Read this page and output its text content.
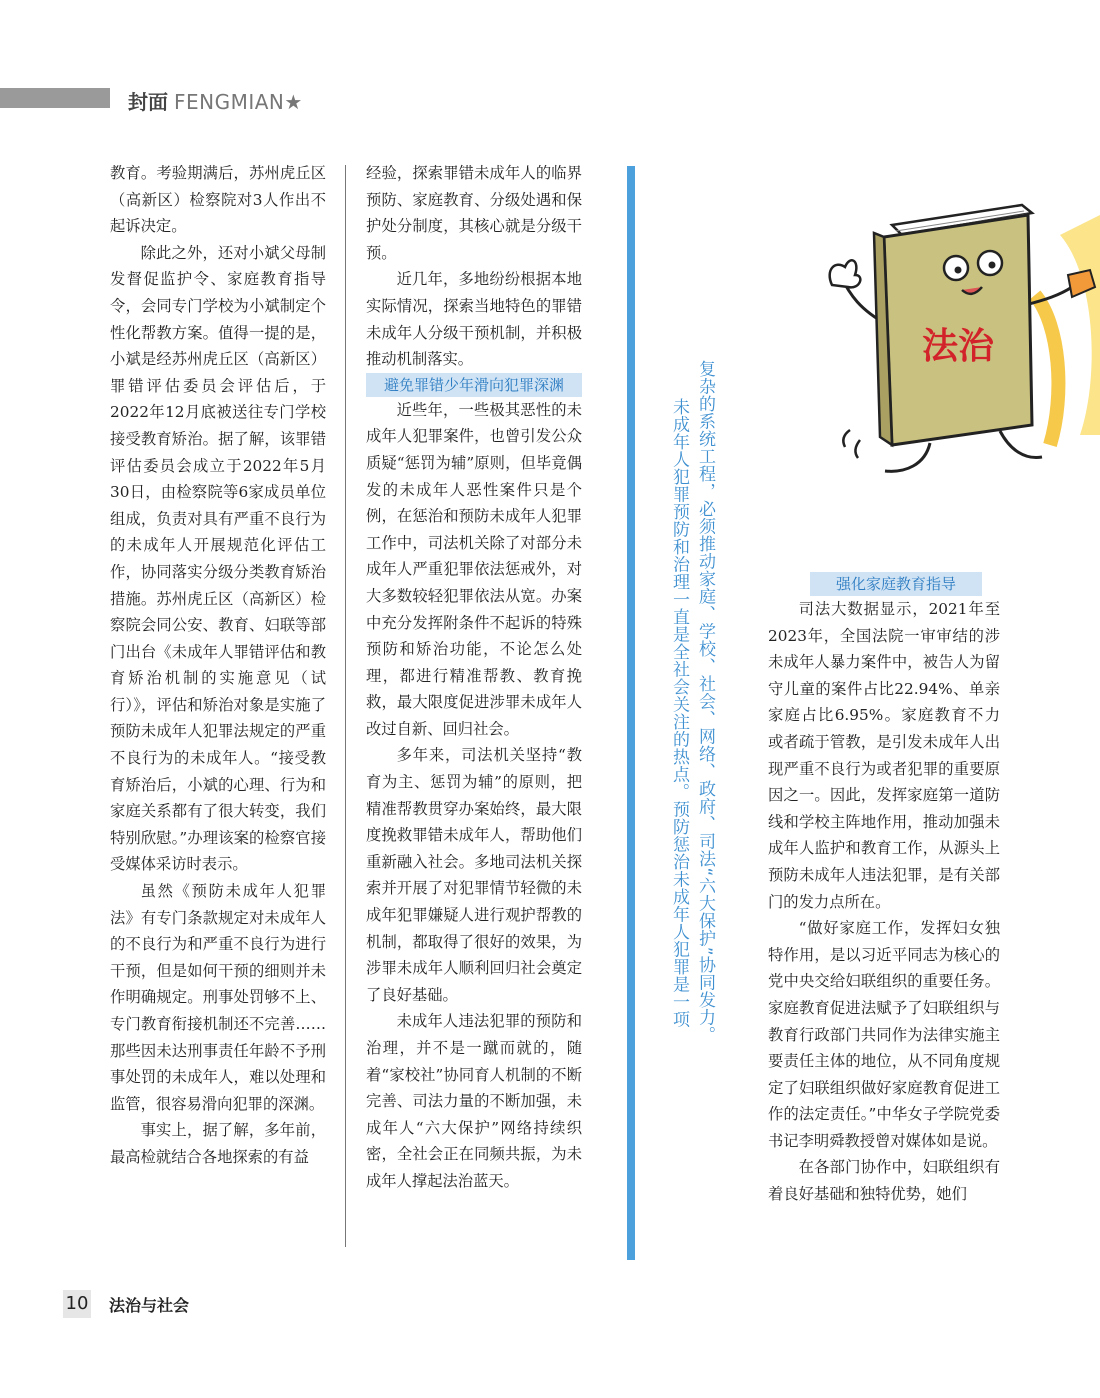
封面 FENGMIAN★

教育。考验期满后，苏州虎丘区（高新区）检察院对3人作出不起诉决定。

除此之外，还对小斌父母制发督促监护令、家庭教育指导令，会同专门学校为小斌制定个性化帮教方案。值得一提的是，小斌是经苏州虎丘区（高新区）罪错评估委员会评估后，于2022年12月底被送往专门学校接受教育矫治。据了解，该罪错评估委员会成立于2022年5月30日，由检察院等6家成员单位组成，负责对具有严重不良行为的未成年人开展规范化评估工作，协同落实分级分类教育矫治措施。苏州虎丘区（高新区）检察院会同公安、教育、妇联等部门出台《未成年人罪错评估和教育矫治机制的实施意见（试行）》，评估和矫治对象是实施了预防未成年人犯罪法规定的严重不良行为的未成年人。“接受教育矫治后，小斌的心理、行为和家庭关系都有了很大转变，我们特别欣慰。”办理该案的检察官接受媒体采访时表示。

虽然《预防未成年人犯罪法》有专门条款规定对未成年人的不良行为和严重不良行为进行干预，但是如何干预的细则并未作明确规定。刑事处罚够不上、专门教育衔接机制还不完善……那些因未达刑事责任年龄不予刑事处罚的未成年人，难以处理和监管，很容易滑向犯罪的深渊。

事实上，据了解，多年前，最高检就结合各地探索的有益

经验，探索罪错未成年人的临界预防、家庭教育、分级处遇和保护处分制度，其核心就是分级干预。

近几年，多地纷纷根据本地实际情况，探索当地特色的罪错未成年人分级干预机制，并积极推动机制落实。

避免罪错少年滑向犯罪深渊

近些年，一些极其恶性的未成年人犯罪案件，也曾引发公众质疑“惩罚为辅”原则，但毕竟偶发的未成年人恶性案件只是个例，在惩治和预防未成年人犯罪工作中，司法机关除了对部分未成年人严重犯罪依法惩戒外，对大多数较轻犯罪依法从宽。办案中充分发挥附条件不起诉的特殊预防和矫治功能，不论怎么处理，都进行精准帮教、教育挽救，最大限度促进涉罪未成年人改过自新、回归社会。

多年来，司法机关坚持“教育为主、惩罚为辅”的原则，把精准帮教贯穿办案始终，最大限度挽救罪错未成年人，帮助他们重新融入社会。多地司法机关探索并开展了对犯罪情节轻微的未成年犯罪嫌疑人进行观护帮教的机制，都取得了很好的效果，为涉罪未成年人顺利回归社会奠定了良好基础。

未成年人违法犯罪的预防和治理，并不是一蹴而就的，随着“家校社”协同育人机制的不断完善、司法力量的不断加强，未成年人“六大保护”网络持续织密，全社会正在同频共振，为未成年人撑起法治蓝天。

复杂的系统工程，必须推动家庭、学校、社会、网络、政府、司法“六大保护”协同发力。
未成年人犯罪预防和治理一直是全社会关注的热点。预防惩治未成年人犯罪是一项
法治

强化家庭教育指导

司法大数据显示，2021年至2023年，全国法院一审审结的涉未成年人暴力案件中，被告人为留守儿童的案件占比22.94%、单亲家庭占比6.95%。家庭教育不力或者疏于管教，是引发未成年人出现严重不良行为或者犯罪的重要原因之一。因此，发挥家庭第一道防线和学校主阵地作用，推动加强未成年人监护和教育工作，从源头上预防未成年人违法犯罪，是有关部门的发力点所在。

“做好家庭工作，发挥妇女独特作用，是以习近平同志为核心的党中央交给妇联组织的重要任务。家庭教育促进法赋予了妇联组织与教育行政部门共同作为法律实施主要责任主体的地位，从不同角度规定了妇联组织做好家庭教育促进工作的法定责任。”中华女子学院党委书记李明舜教授曾对媒体如是说。

在各部门协作中，妇联组织有着良好基础和独特优势，她们

10 法治与社会
